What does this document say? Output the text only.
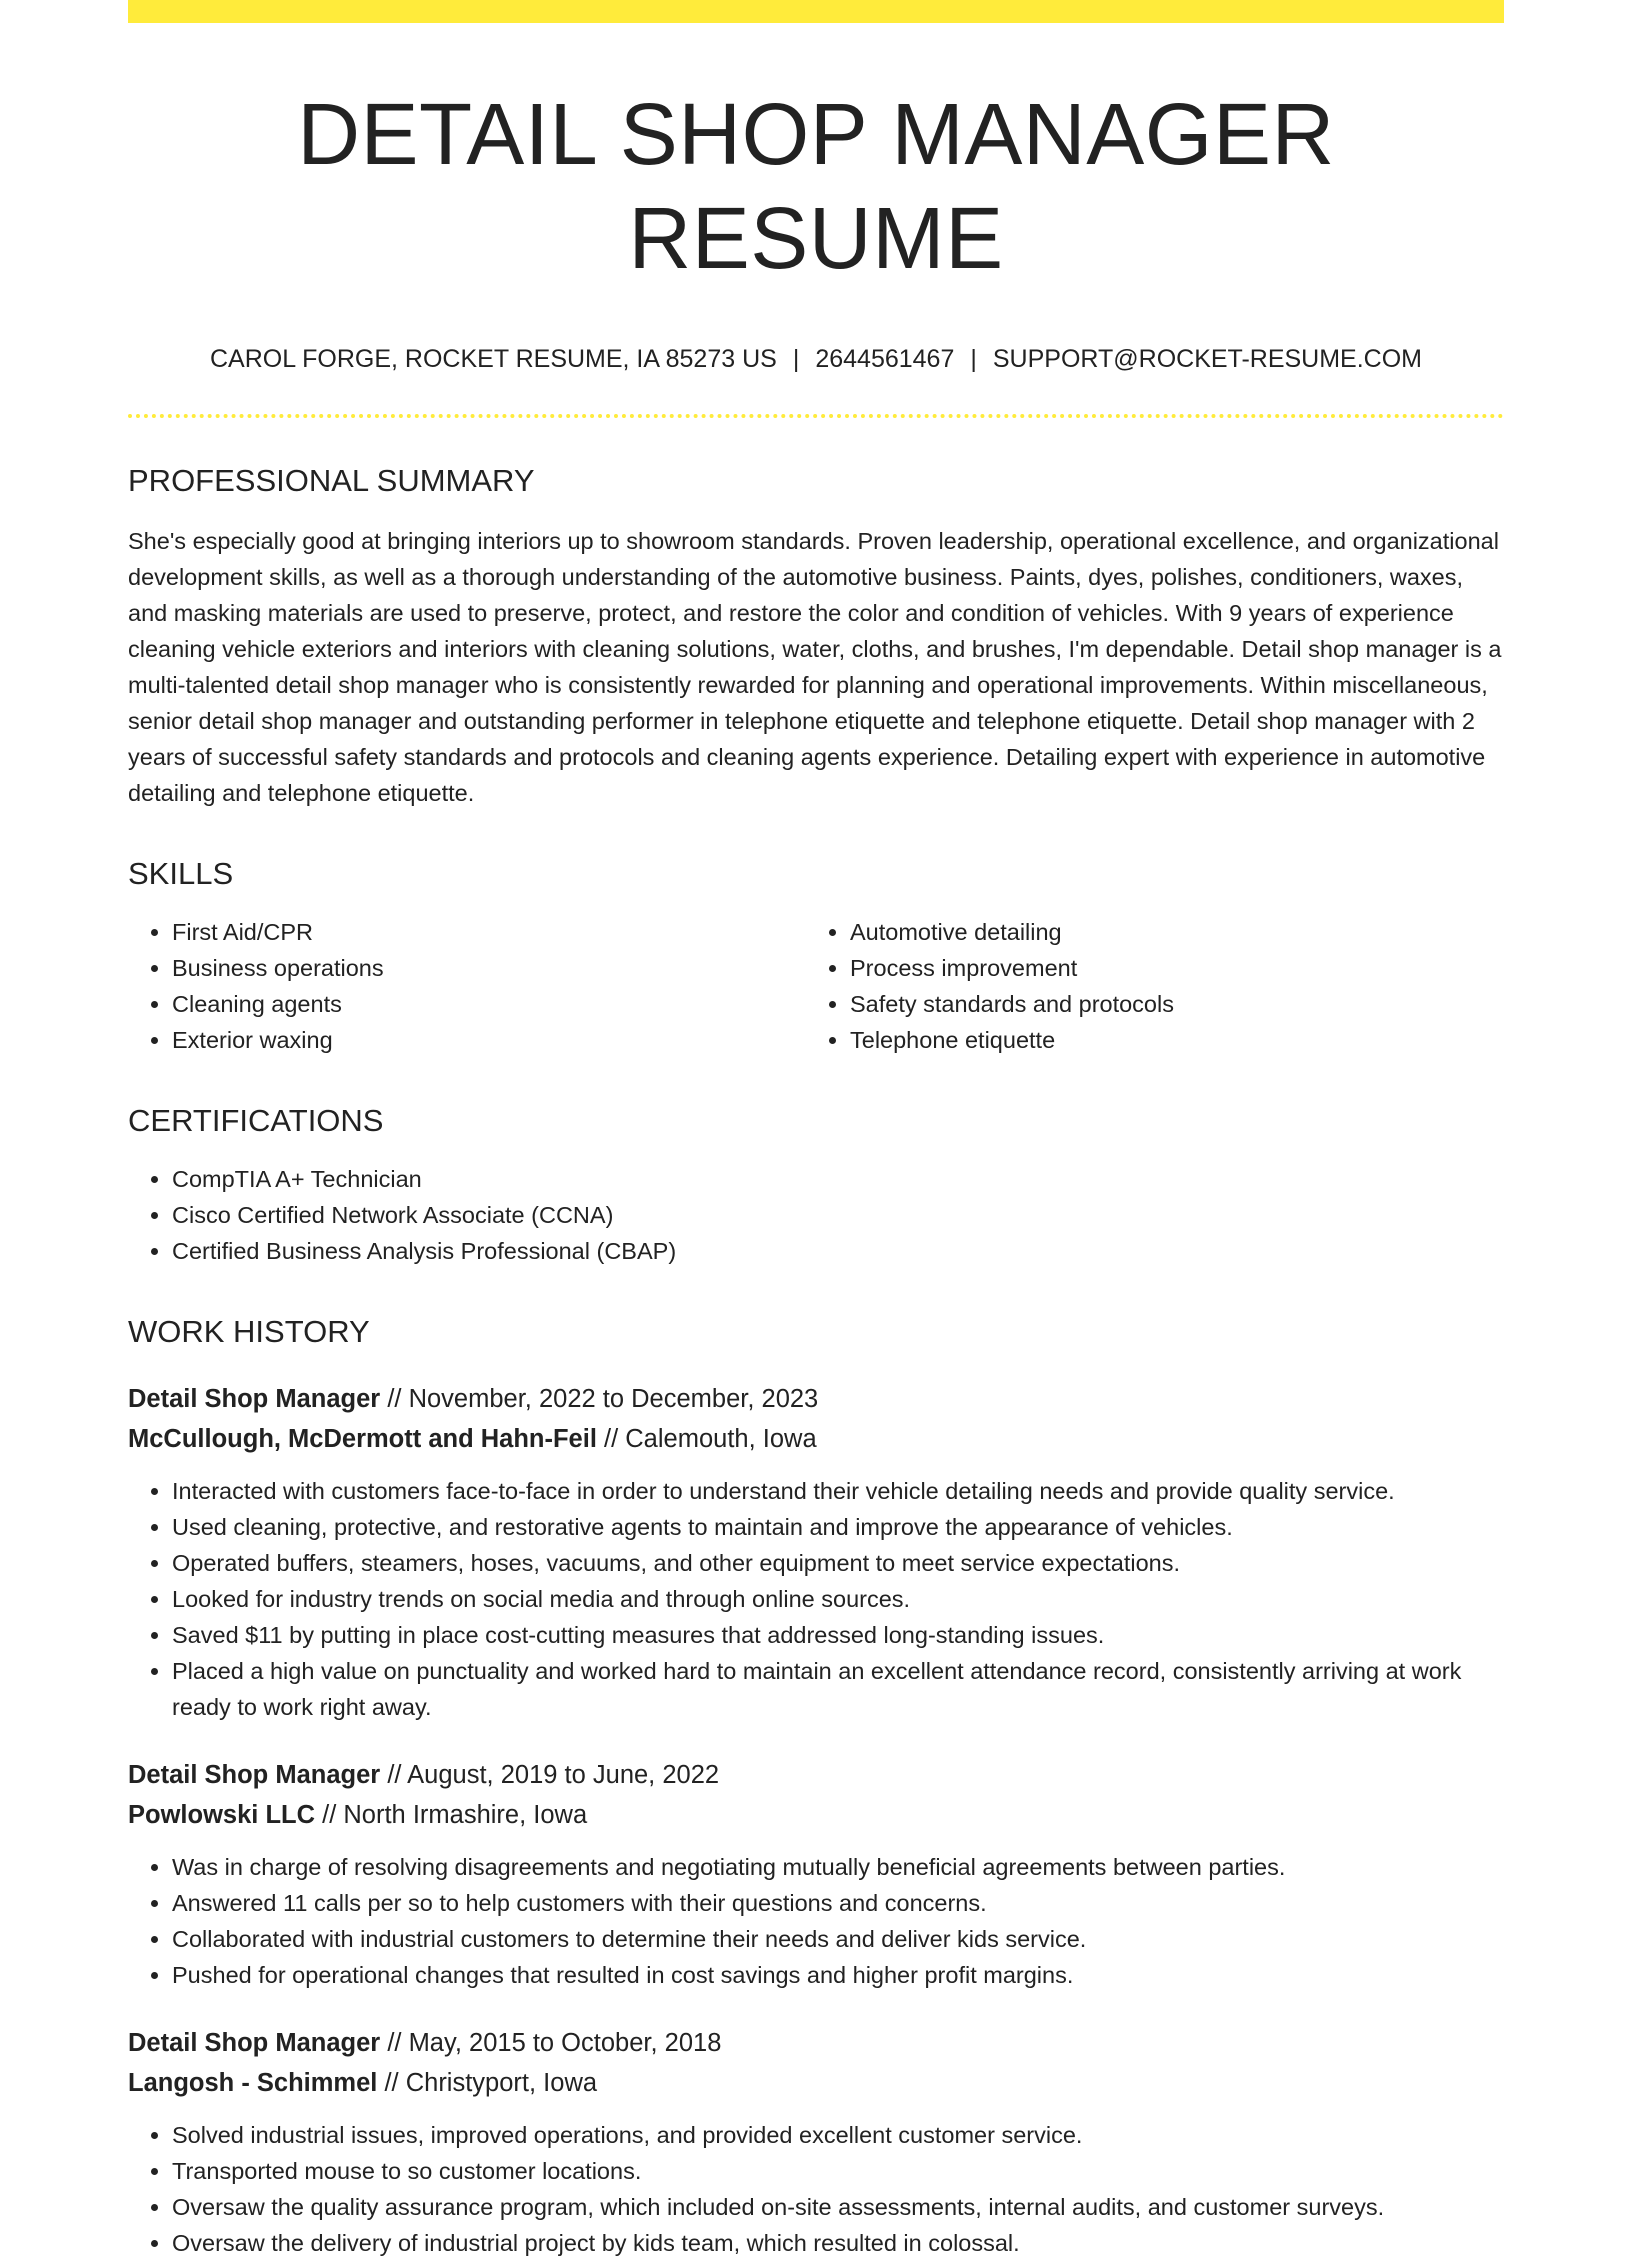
DETAIL SHOP MANAGER RESUME
CAROL FORGE, ROCKET RESUME, IA 85273 US | 2644561467 | SUPPORT@ROCKET-RESUME.COM
PROFESSIONAL SUMMARY

She's especially good at bringing interiors up to showroom standards. Proven leadership, operational excellence, and organizational development skills, as well as a thorough understanding of the automotive business. Paints, dyes, polishes, conditioners, waxes, and masking materials are used to preserve, protect, and restore the color and condition of vehicles. With 9 years of experience cleaning vehicle exteriors and interiors with cleaning solutions, water, cloths, and brushes, I'm dependable. Detail shop manager is a multi-talented detail shop manager who is consistently rewarded for planning and operational improvements. Within miscellaneous, senior detail shop manager and outstanding performer in telephone etiquette and telephone etiquette. Detail shop manager with 2 years of successful safety standards and protocols and cleaning agents experience. Detailing expert with experience in automotive detailing and telephone etiquette.

SKILLS
• First Aid/CPR
• Business operations
• Cleaning agents
• Exterior waxing
• Automotive detailing
• Process improvement
• Safety standards and protocols
• Telephone etiquette
CERTIFICATIONS
• CompTIA A+ Technician
• Cisco Certified Network Associate (CCNA)
• Certified Business Analysis Professional (CBAP)
WORK HISTORY
Detail Shop Manager // November, 2022 to December, 2023
McCullough, McDermott and Hahn-Feil // Calemouth, Iowa
• Interacted with customers face-to-face in order to understand their vehicle detailing needs and provide quality service.
• Used cleaning, protective, and restorative agents to maintain and improve the appearance of vehicles.
• Operated buffers, steamers, hoses, vacuums, and other equipment to meet service expectations.
• Looked for industry trends on social media and through online sources.
• Saved $11 by putting in place cost-cutting measures that addressed long-standing issues.
• Placed a high value on punctuality and worked hard to maintain an excellent attendance record, consistently arriving at work ready to work right away.
Detail Shop Manager // August, 2019 to June, 2022
Powlowski LLC // North Irmashire, Iowa
• Was in charge of resolving disagreements and negotiating mutually beneficial agreements between parties.
• Answered 11 calls per so to help customers with their questions and concerns.
• Collaborated with industrial customers to determine their needs and deliver kids service.
• Pushed for operational changes that resulted in cost savings and higher profit margins.
Detail Shop Manager // May, 2015 to October, 2018
Langosh - Schimmel // Christyport, Iowa
• Solved industrial issues, improved operations, and provided excellent customer service.
• Transported mouse to so customer locations.
• Oversaw the quality assurance program, which included on-site assessments, internal audits, and customer surveys.
• Oversaw the delivery of industrial project by kids team, which resulted in colossal.
